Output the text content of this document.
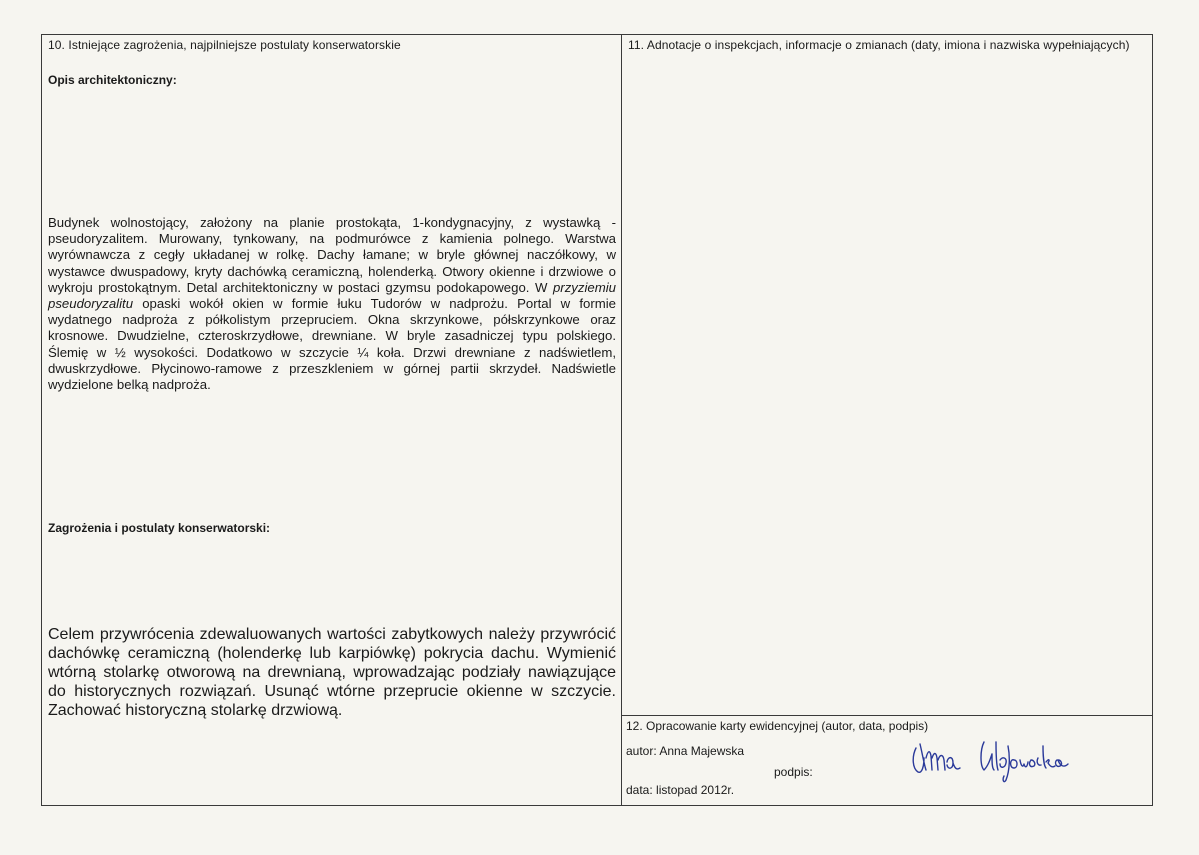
10. Istniejące zagrożenia, najpilniejsze postulaty konserwatorskie
Opis architektoniczny:
Budynek wolnostojący, założony na planie prostokąta, 1-kondygnacyjny, z wystawką - pseudoryzalitem. Murowany, tynkowany, na podmurówce z kamienia polnego. Warstwa wyrównawcza z cegły układanej w rolkę. Dachy łamane; w bryle głównej naczółkowy, w wystawce dwuspadowy, kryty dachówką ceramiczną, holenderką. Otwory okienne i drzwiowe o wykroju prostokątnym. Detal architektoniczny w postaci gzymsu podokapowego. W przyziemiu pseudoryzalitu opaski wokół okien w formie łuku Tudorów w nadprożu. Portal w formie wydatnego nadproża z półkolistym przepruciem. Okna skrzynkowe, półskrzynkowe oraz krosnowe. Dwudzielne, czteroskrzydłowe, drewniane. W bryle zasadniczej typu polskiego. Ślemię w ½ wysokości. Dodatkowo w szczycie ¼ koła. Drzwi drewniane z nadświetlem, dwuskrzydłowe. Płycinowo-ramowe z przeszkleniem w górnej partii skrzydeł. Nadświetle wydzielone belką nadproża.
Zagrożenia i postulaty konserwatorski:
Celem przywrócenia zdewaluowanych wartości zabytkowych należy przywrócić dachówkę ceramiczną (holenderkę lub karpiówkę) pokrycia dachu. Wymienić wtórną stolarkę otworową na drewnianą, wprowadzając podziały nawiązujące do historycznych rozwiązań. Usunąć wtórne przeprucie okienne w szczycie. Zachować historyczną stolarkę drzwiową.
11. Adnotacje o inspekcjach, informacje o zmianach (daty, imiona i nazwiska wypełniających)
12. Opracowanie karty ewidencyjnej (autor, data, podpis)
autor: Anna Majewska
podpis:
data: listopad 2012r.
